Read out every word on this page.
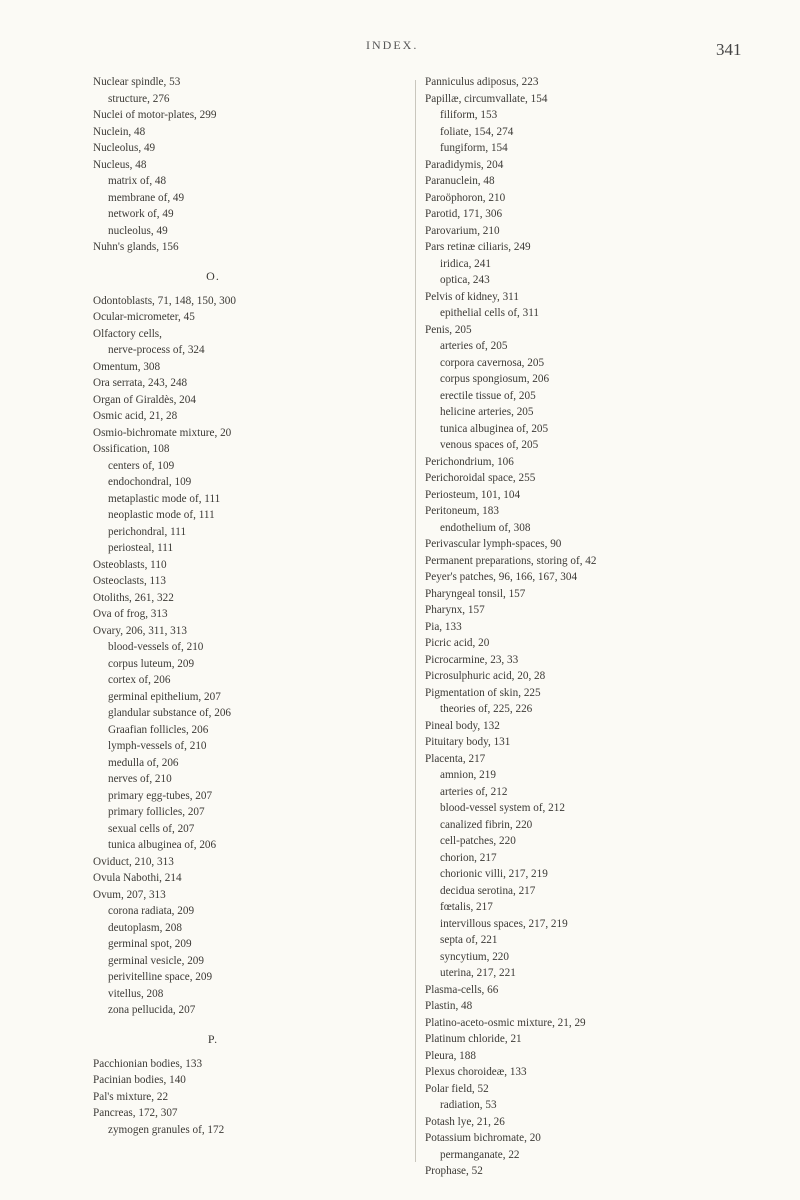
INDEX.	341
Nuclear spindle, 53
structure, 276
Nuclei of motor-plates, 299
Nuclein, 48
Nucleolus, 49
Nucleus, 48
matrix of, 48
membrane of, 49
network of, 49
nucleolus, 49
Nuhn's glands, 156
O.
Odontoblasts, 71, 148, 150, 300
Ocular-micrometer, 45
Olfactory cells,
nerve-process of, 324
Omentum, 308
Ora serrata, 243, 248
Organ of Giraldès, 204
Osmic acid, 21, 28
Osmio-bichromate mixture, 20
Ossification, 108
centers of, 109
endochondral, 109
metaplastic mode of, 111
neoplastic mode of, 111
perichondral, 111
periosteal, 111
Osteoblasts, 110
Osteoclasts, 113
Otoliths, 261, 322
Ova of frog, 313
Ovary, 206, 311, 313
blood-vessels of, 210
corpus luteum, 209
cortex of, 206
germinal epithelium, 207
glandular substance of, 206
Graafian follicles, 206
lymph-vessels of, 210
medulla of, 206
nerves of, 210
primary egg-tubes, 207
primary follicles, 207
sexual cells of, 207
tunica albuginea of, 206
Oviduct, 210, 313
Ovula Nabothi, 214
Ovum, 207, 313
corona radiata, 209
deutoplasm, 208
germinal spot, 209
germinal vesicle, 209
perivitelline space, 209
vitellus, 208
zona pellucida, 207
P.
Pacchionian bodies, 133
Pacinian bodies, 140
Pal's mixture, 22
Pancreas, 172, 307
zymogen granules of, 172
Panniculus adiposus, 223
Papillæ, circumvallate, 154
filiform, 153
foliate, 154, 274
fungiform, 154
Paradidymis, 204
Paranuclein, 48
Paroöphoron, 210
Parotid, 171, 306
Parovarium, 210
Pars retinæ ciliaris, 249
iridica, 241
optica, 243
Pelvis of kidney, 311
epithelial cells of, 311
Penis, 205
arteries of, 205
corpora cavernosa, 205
corpus spongiosum, 206
erectile tissue of, 205
helicine arteries, 205
tunica albuginea of, 205
venous spaces of, 205
Perichondrium, 106
Perichoroidal space, 255
Periosteum, 101, 104
Peritoneum, 183
endothelium of, 308
Perivascular lymph-spaces, 90
Permanent preparations, storing of, 42
Peyer's patches, 96, 166, 167, 304
Pharyngeal tonsil, 157
Pharynx, 157
Pia, 133
Picric acid, 20
Picrocarmine, 23, 33
Picrosulphuric acid, 20, 28
Pigmentation of skin, 225
theories of, 225, 226
Pineal body, 132
Pituitary body, 131
Placenta, 217
amnion, 219
arteries of, 212
blood-vessel system of, 212
canalized fibrin, 220
cell-patches, 220
chorion, 217
chorionic villi, 217, 219
decidua serotina, 217
fœtalis, 217
intervillous spaces, 217, 219
septa of, 221
syncytium, 220
uterina, 217, 221
Plasma-cells, 66
Plastin, 48
Platino-aceto-osmic mixture, 21, 29
Platinum chloride, 21
Pleura, 188
Plexus choroideæ, 133
Polar field, 52
radiation, 53
Potash lye, 21, 26
Potassium bichromate, 20
permanganate, 22
Prophase, 52
